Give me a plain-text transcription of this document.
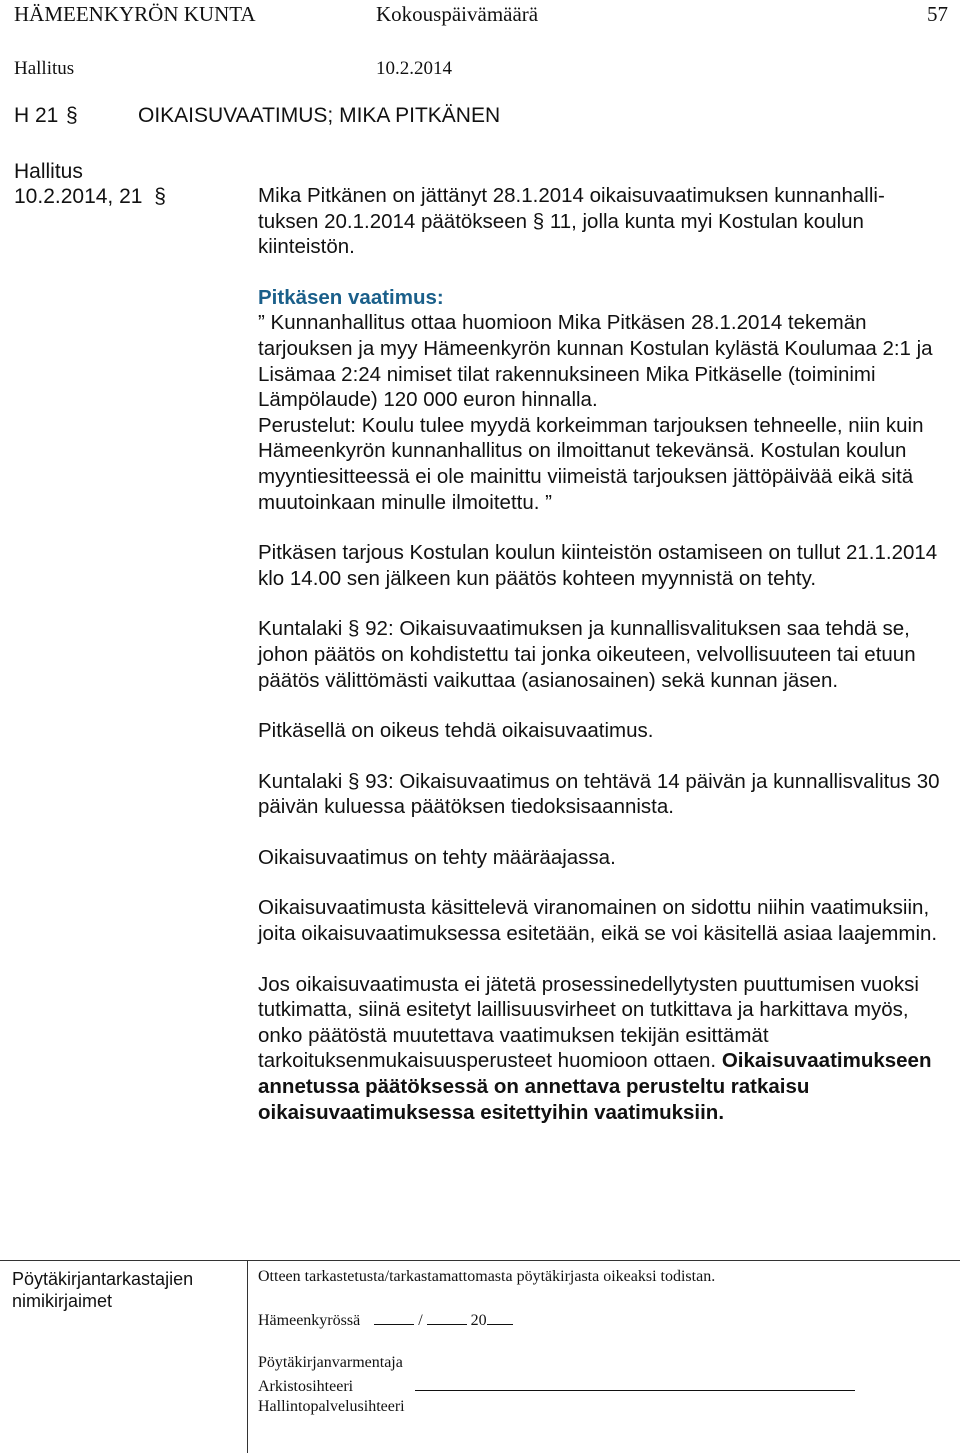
HÄMEENKYRÖN KUNTA	Kokouspäivämäärä	57
Hallitus	10.2.2014
H 21 §	OIKAISUVAATIMUS; MIKA PITKÄNEN
Hallitus
10.2.2014, 21 §	Mika Pitkänen on jättänyt 28.1.2014 oikaisuvaatimuksen kunnanhalli-
tuksen 20.1.2014 päätökseen § 11, jolla kunta myi Kostulan koulun
kiinteistön.

Pitkäsen vaatimus:

” Kunnanhallitus ottaa huomioon Mika Pitkäsen 28.1.2014 tekemän tarjouksen ja myy Hämeenkyrön kunnan Kostulan kylästä Koulumaa 2:1 ja Lisämaa 2:24 nimiset tilat rakennuksineen Mika Pitkäselle (toiminimi Lämpölaude) 120 000 euron hinnalla.

Perustelut: Koulu tulee myydä korkeimman tarjouksen tehneelle, niin kuin Hämeenkyrön kunnanhallitus on ilmoittanut tekevänsä. Kostulan koulun myyntiesitteessä ei ole mainittu viimeistä tarjouksen jättöpäivää eikä sitä muutoinkaan minulle ilmoitettu. ”

Pitkäsen tarjous Kostulan koulun kiinteistön ostamiseen on tullut 21.1.2014 klo 14.00 sen jälkeen kun päätös kohteen myynnistä on tehty.

Kuntalaki § 92: Oikaisuvaatimuksen ja kunnallisvalituksen saa tehdä se, johon päätös on kohdistettu tai jonka oikeuteen, velvollisuuteen tai etuun päätös välittömästi vaikuttaa (asianosainen) sekä kunnan jäsen.

Pitkäsellä on oikeus tehdä oikaisuvaatimus.

Kuntalaki § 93: Oikaisuvaatimus on tehtävä 14 päivän ja kunnallisvalitus 30 päivän kuluessa päätöksen tiedoksisaannista.

Oikaisuvaatimus on tehty määräajassa.

Oikaisuvaatimusta käsittelevä viranomainen on sidottu niihin vaatimuksiin, joita oikaisuvaatimuksessa esitetään, eikä se voi käsitellä asiaa laajemmin.

Jos oikaisuvaatimusta ei jätetä prosessinedellytysten puuttumisen vuoksi tutkimatta, siinä esitetyt laillisuusvirheet on tutkittava ja harkittava myös, onko päätöstä muutettava vaatimuksen tekijän esittämät tarkoituksenmukaisuusperusteet huomioon ottaen. Oikaisuvaatimukseen annetussa päätöksessä on annettava perusteltu ratkaisu oikaisuvaatimuksessa esitettyihin vaatimuksiin.

Pöytäkirjantarkastajien
nimikirjaimet
Otteen tarkastetusta/tarkastamattomasta pöytäkirjasta oikeaksi todistan.
Hämeenkyrössä	/	20
Pöytäkirjanvarmentaja
Arkistosihteeri
Hallintopalvelusihteeri
